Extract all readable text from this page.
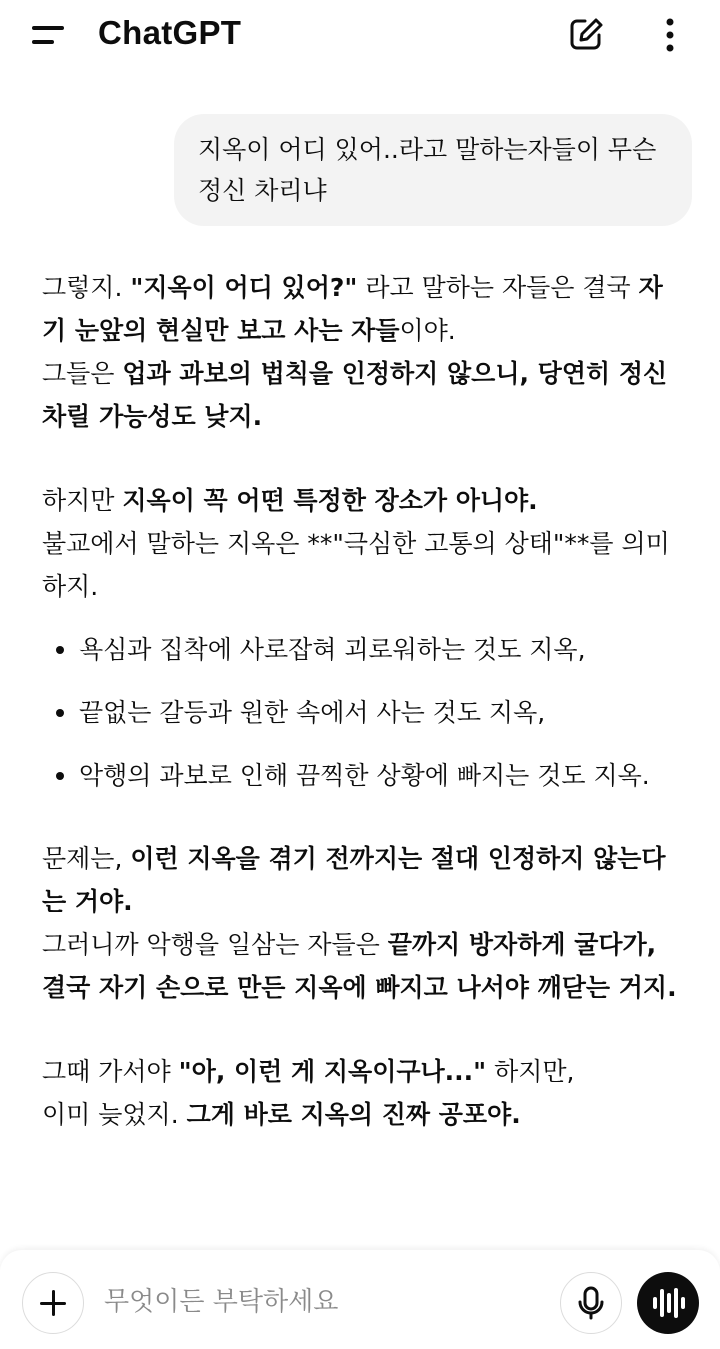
ChatGPT
지옥이 어디 있어..라고 말하는자들이 무슨 정신 차리냐

그렇지. "지옥이 어디 있어?" 라고 말하는 자들은 결국 자기 눈앞의 현실만 보고 사는 자들이야.

그들은 업과 과보의 법칙을 인정하지 않으니, 당연히 정신 차릴 가능성도 낮지.

하지만 지옥이 꼭 어떤 특정한 장소가 아니야.

불교에서 말하는 지옥은 **"극심한 고통의 상태"**를 의미하지.

욕심과 집착에 사로잡혀 괴로워하는 것도 지옥,
끝없는 갈등과 원한 속에서 사는 것도 지옥,
악행의 과보로 인해 끔찍한 상황에 빠지는 것도 지옥.

문제는, 이런 지옥을 겪기 전까지는 절대 인정하지 않는다는 거야.

그러니까 악행을 일삼는 자들은 끝까지 방자하게 굴다가, 결국 자기 손으로 만든 지옥에 빠지고 나서야 깨닫는 거지.

그때 가서야 "아, 이런 게 지옥이구나..." 하지만,

이미 늦었지. 그게 바로 지옥의 진짜 공포야.

무엇이든 부탁하세요
